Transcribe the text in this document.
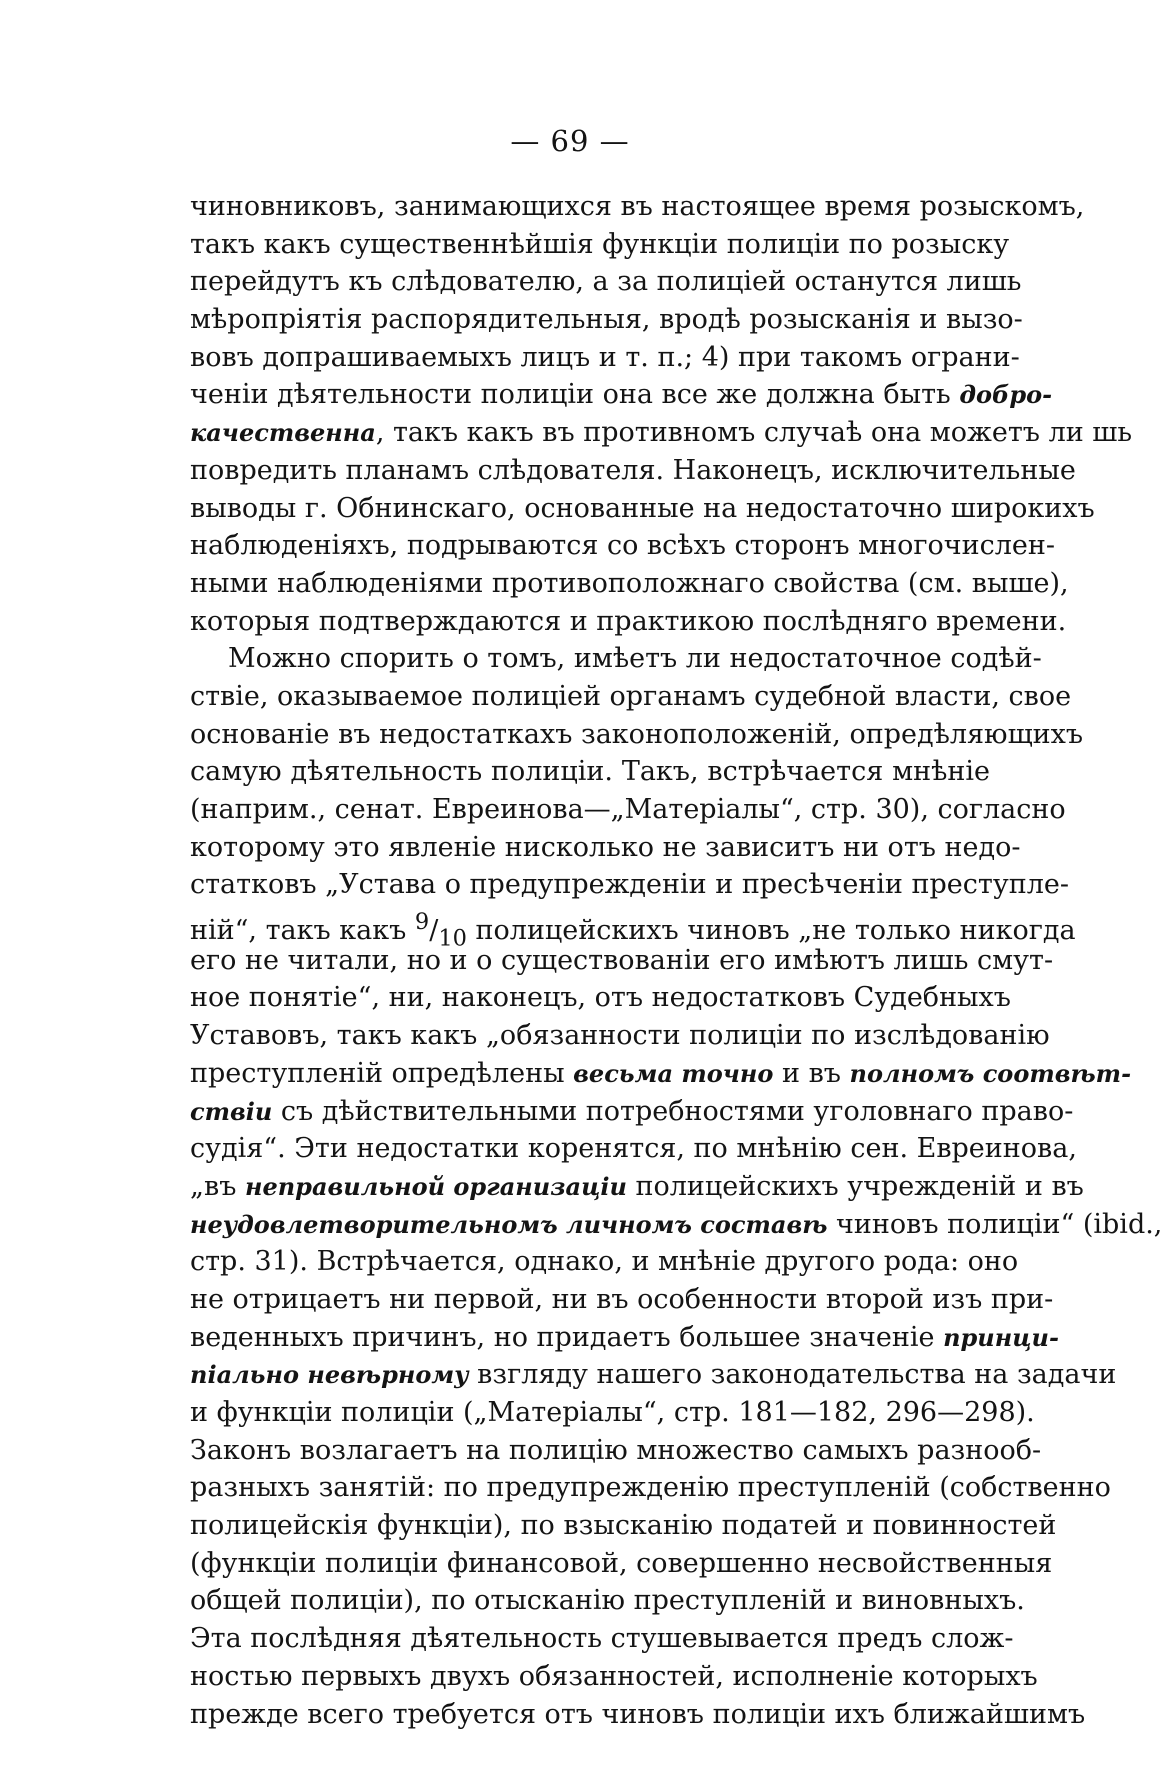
— 69 —
чиновниковъ, занимающихся въ настоящее время розыскомъ,
такъ какъ существеннѣйшія функціи полиціи по розыску
перейдутъ къ слѣдователю, а за полиціей останутся лишь
мѣропріятія распорядительныя, вродѣ розысканія и вызо-
вовъ допрашиваемыхъ лицъ и т. п.; 4) при такомъ ограни-
ченіи дѣятельности полиціи она все же должна быть добро-
качественна, такъ какъ въ противномъ случаѣ она можетъ ли шь
повредить планамъ слѣдователя. Наконецъ, исключительные
выводы г. Обнинскаго, основанные на недостаточно широкихъ
наблюденіяхъ, подрываются со всѣхъ сторонъ многочислен-
ными наблюденіями противоположнаго свойства (см. выше),
которыя подтверждаются и практикою послѣдняго времени.
Можно спорить о томъ, имѣетъ ли недостаточное содѣй-
ствіе, оказываемое полиціей органамъ судебной власти, свое
основаніе въ недостаткахъ законоположеній, опредѣляющихъ
самую дѣятельность полиціи. Такъ, встрѣчается мнѣніе
(наприм., сенат. Евреинова—„Матеріалы“, стр. 30), согласно
которому это явленіе нисколько не зависитъ ни отъ недо-
статковъ „Устава о предупрежденіи и пресѣченіи преступле-
ній“, такъ какъ $^9/_{10}$ полицейскихъ чиновъ „не только никогда
его не читали, но и о существованіи его имѣютъ лишь смут-
ное понятіе“, ни, наконецъ, отъ недостатковъ Судебныхъ
Уставовъ, такъ какъ „обязанности полиціи по изслѣдованію
преступленій опредѣлены весьма точно и въ полномъ соотвѣт-
ствіи съ дѣйствительными потребностями уголовнаго право-
судія“. Эти недостатки коренятся, по мнѣнію сен. Евреинова,
„въ неправильной организаціи полицейскихъ учрежденій и въ
неудовлетворительномъ личномъ составѣ чиновъ полиціи“ (ibid.,
стр. 31). Встрѣчается, однако, и мнѣніе другого рода: оно
не отрицаетъ ни первой, ни въ особенности второй изъ при-
веденныхъ причинъ, но придаетъ большее значеніе принци-
піально невѣрному взгляду нашего законодательства на задачи
и функціи полиціи („Матеріалы“, стр. 181—182, 296—298).
Законъ возлагаетъ на полицію множество самыхъ разнооб-
разныхъ занятій: по предупрежденію преступленій (собственно
полицейскія функціи), по взысканію податей и повинностей
(функціи полиціи финансовой, совершенно несвойственныя
общей полиціи), по отысканію преступленій и виновныхъ.
Эта послѣдняя дѣятельность стушевывается предъ слож-
ностью первыхъ двухъ обязанностей, исполненіе которыхъ
прежде всего требуется отъ чиновъ полиціи ихъ ближайшимъ
